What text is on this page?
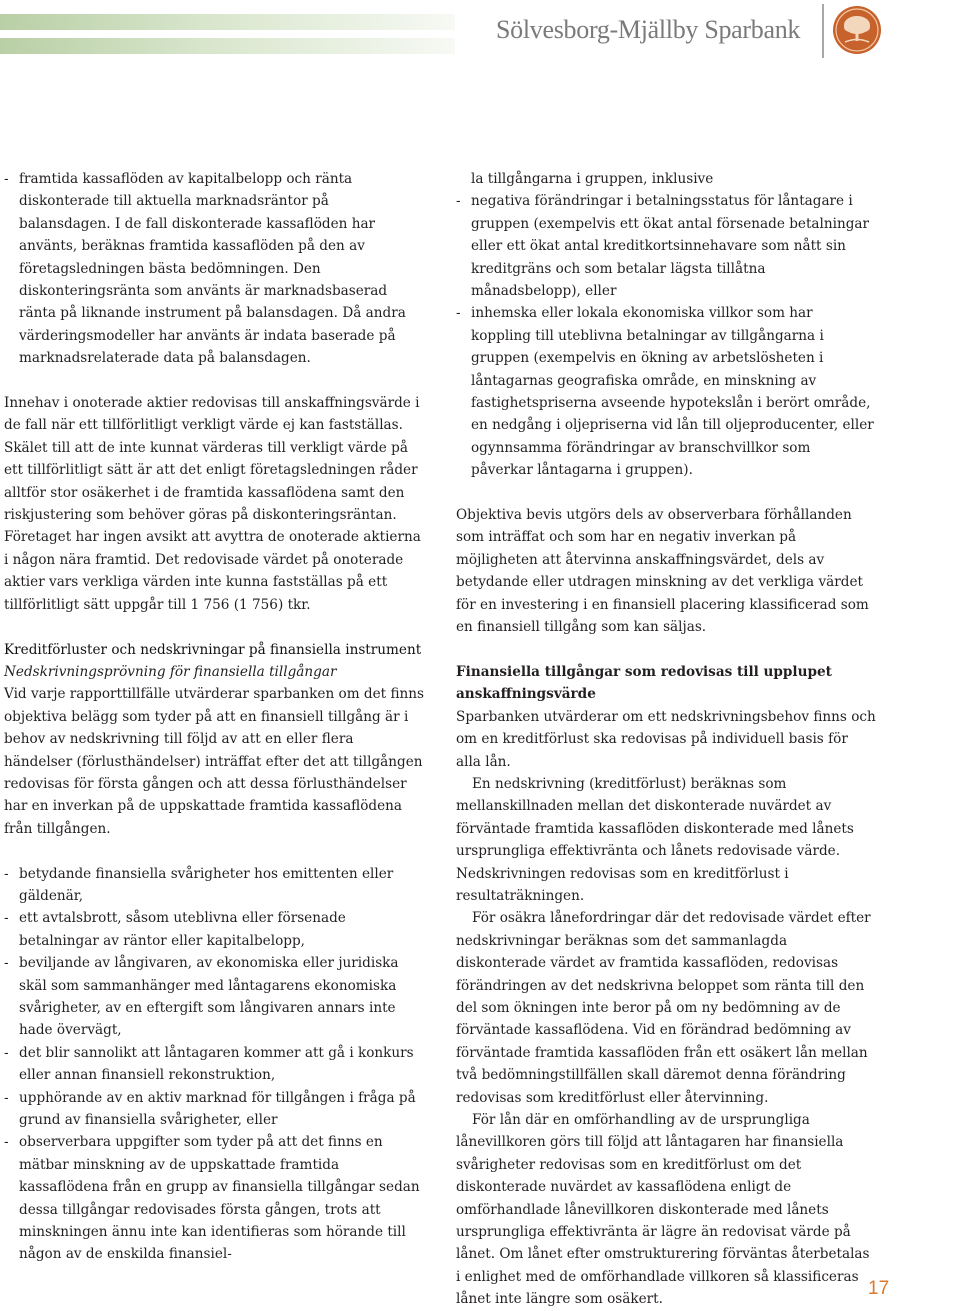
Sölvesborg-Mjällby Sparbank
- framtida kassaflöden av kapitalbelopp och ränta diskonterade till aktuella marknadsräntor på balansdagen. I de fall diskonterade kassaflöden har använts, beräknas framtida kassaflöden på den av företagsledningen bästa bedömningen. Den diskonteringsränta som använts är marknadsbaserad ränta på liknande instrument på balansdagen. Då andra värderingsmodeller har använts är indata baserade på marknadsrelaterade data på balansdagen.

Innehav i onoterade aktier redovisas till anskaffningsvärde i de fall när ett tillförlitligt verkligt värde ej kan fastställas. Skälet till att de inte kunnat värderas till verkligt värde på ett tillförlitligt sätt är att det enligt företagsledningen råder alltför stor osäkerhet i de framtida kassaflödena samt den riskjustering som behöver göras på diskonteringsräntan. Företaget har ingen avsikt att avyttra de onoterade aktierna i någon nära framtid. Det redovisade värdet på onoterade aktier vars verkliga värden inte kunna fastställas på ett tillförlitligt sätt uppgår till 1 756 (1 756) tkr.

Kreditförluster och nedskrivningar på finansiella instrument

Nedskrivningsprövning för finansiella tillgångar

Vid varje rapporttillfälle utvärderar sparbanken om det finns objektiva belägg som tyder på att en finansiell tillgång är i behov av nedskrivning till följd av att en eller flera händelser (förlusthändelser) inträffat efter det att tillgången redovisas för första gången och att dessa förlusthändelser har en inverkan på de uppskattade framtida kassaflödena från tillgången.

- betydande finansiella svårigheter hos emittenten eller gäldenär,

- ett avtalsbrott, såsom uteblivna eller försenade betalningar av räntor eller kapitalbelopp,

- beviljande av långivaren, av ekonomiska eller juridiska skäl som sammanhänger med låntagarens ekonomiska svårigheter, av en eftergift som långivaren annars inte hade övervägt,

- det blir sannolikt att låntagaren kommer att gå i konkurs eller annan finansiell rekonstruktion,

- upphörande av en aktiv marknad för tillgången i fråga på grund av finansiella svårigheter, eller

- observerbara uppgifter som tyder på att det finns en mätbar minskning av de uppskattade framtida kassaflödena från en grupp av finansiella tillgångar sedan dessa tillgångar redovisades första gången, trots att minskningen ännu inte kan identifieras som hörande till någon av de enskilda finansiel-

la tillgångarna i gruppen, inklusive

- negativa förändringar i betalningsstatus för låntagare i gruppen (exempelvis ett ökat antal försenade betalningar eller ett ökat antal kreditkortsinnehavare som nått sin kreditgräns och som betalar lägsta tillåtna månadsbelopp), eller

- inhemska eller lokala ekonomiska villkor som har koppling till uteblivna betalningar av tillgångarna i gruppen (exempelvis en ökning av arbetslösheten i låntagarnas geografiska område, en minskning av fastighetspriserna avseende hypotekslån i berört område, en nedgång i oljepriserna vid lån till oljeproducenter, eller ogynnsamma förändringar av branschvillkor som påverkar låntagarna i gruppen).

Objektiva bevis utgörs dels av observerbara förhållanden som inträffat och som har en negativ inverkan på möjligheten att återvinna anskaffningsvärdet, dels av betydande eller utdragen minskning av det verkliga värdet för en investering i en finansiell placering klassificerad som en finansiell tillgång som kan säljas.

Finansiella tillgångar som redovisas till upplupet anskaffningsvärde

Sparbanken utvärderar om ett nedskrivningsbehov finns och om en kreditförlust ska redovisas på individuell basis för alla lån.

En nedskrivning (kreditförlust) beräknas som mellanskillnaden mellan det diskonterade nuvärdet av förväntade framtida kassaflöden diskonterade med lånets ursprungliga effektivränta och lånets redovisade värde. Nedskrivningen redovisas som en kreditförlust i resultaträkningen.

För osäkra lånefordringar där det redovisade värdet efter nedskrivningar beräknas som det sammanlagda diskonterade värdet av framtida kassaflöden, redovisas förändringen av det nedskrivna beloppet som ränta till den del som ökningen inte beror på om ny bedömning av de förväntade kassaflödena. Vid en förändrad bedömning av förväntade framtida kassaflöden från ett osäkert lån mellan två bedömningstillfällen skall däremot denna förändring redovisas som kreditförlust eller återvinning.

För lån där en omförhandling av de ursprungliga lånevillkoren görs till följd att låntagaren har finansiella svårigheter redovisas som en kreditförlust om det diskonterade nuvärdet av kassaflödena enligt de omförhandlade lånevillkoren diskonterade med lånets ursprungliga effektivränta är lägre än redovisat värde på lånet. Om lånet efter omstrukturering förväntas återbetalas i enlighet med de omförhandlade villkoren så klassificeras lånet inte längre som osäkert.

17
